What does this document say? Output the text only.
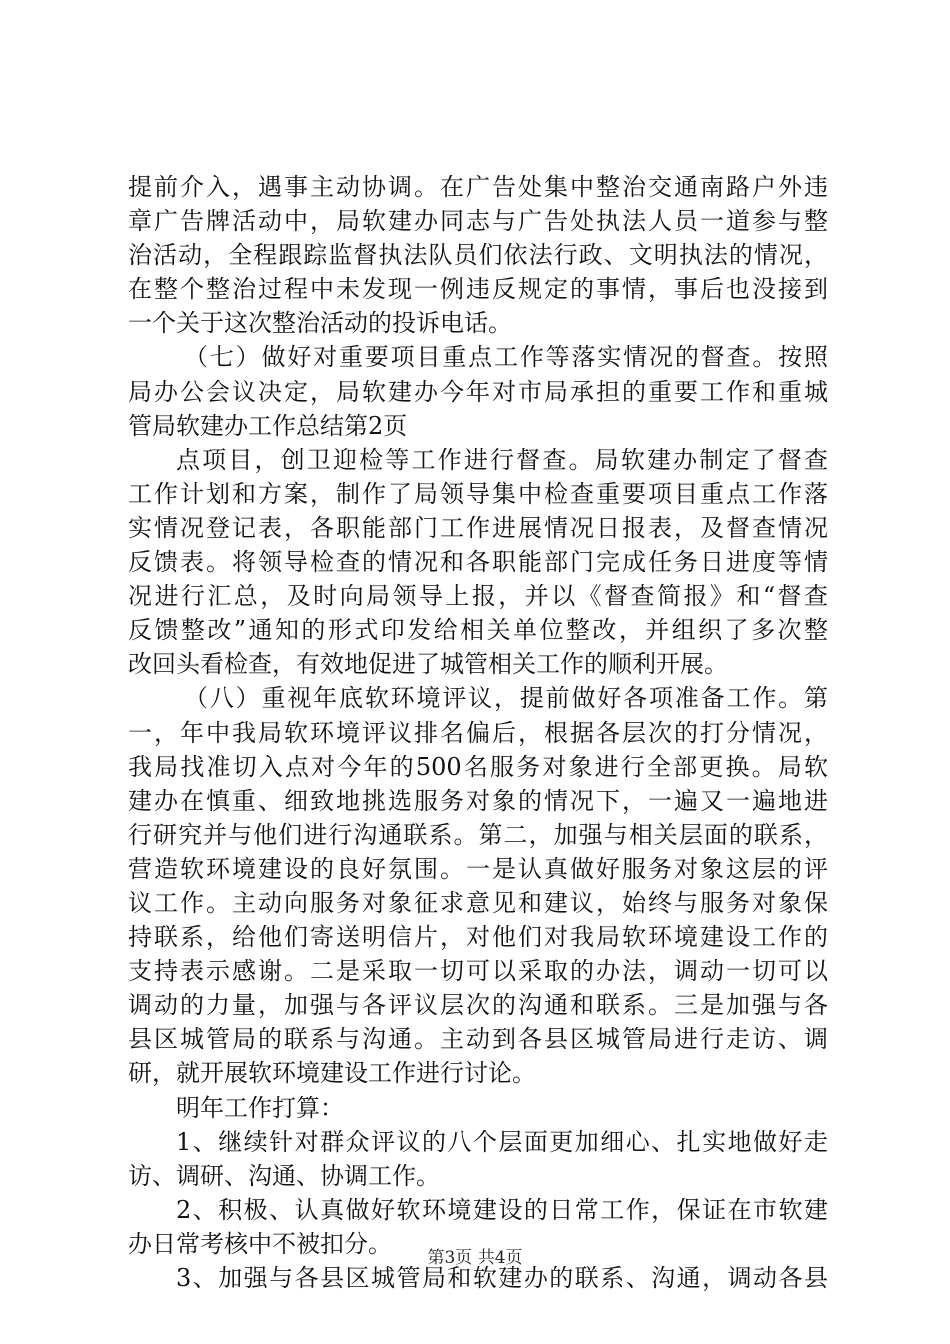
提前介入，遇事主动协调。在广告处集中整治交通南路户外违
章广告牌活动中，局软建办同志与广告处执法人员一道参与整
治活动，全程跟踪监督执法队员们依法行政、文明执法的情况，
在整个整治过程中未发现一例违反规定的事情，事后也没接到
一个关于这次整治活动的投诉电话。
（七）做好对重要项目重点工作等落实情况的督查。按照
局办公会议决定，局软建办今年对市局承担的重要工作和重城
管局软建办工作总结第2页
点项目，创卫迎检等工作进行督查。局软建办制定了督查
工作计划和方案，制作了局领导集中检查重要项目重点工作落
实情况登记表，各职能部门工作进展情况日报表，及督查情况
反馈表。将领导检查的情况和各职能部门完成任务日进度等情
况进行汇总，及时向局领导上报，并以《督查简报》和“督查
反馈整改”通知的形式印发给相关单位整改，并组织了多次整
改回头看检查，有效地促进了城管相关工作的顺利开展。
（八）重视年底软环境评议，提前做好各项准备工作。第
一，年中我局软环境评议排名偏后，根据各层次的打分情况，
我局找准切入点对今年的500名服务对象进行全部更换。局软
建办在慎重、细致地挑选服务对象的情况下，一遍又一遍地进
行研究并与他们进行沟通联系。第二，加强与相关层面的联系，
营造软环境建设的良好氛围。一是认真做好服务对象这层的评
议工作。主动向服务对象征求意见和建议，始终与服务对象保
持联系，给他们寄送明信片，对他们对我局软环境建设工作的
支持表示感谢。二是采取一切可以采取的办法，调动一切可以
调动的力量，加强与各评议层次的沟通和联系。三是加强与各
县区城管局的联系与沟通。主动到各县区城管局进行走访、调
研，就开展软环境建设工作进行讨论。
明年工作打算：
1、继续针对群众评议的八个层面更加细心、扎实地做好走
访、调研、沟通、协调工作。
2、积极、认真做好软环境建设的日常工作，保证在市软建
办日常考核中不被扣分。
3、加强与各县区城管局和软建办的联系、沟通，调动各县
第3页 共4页
